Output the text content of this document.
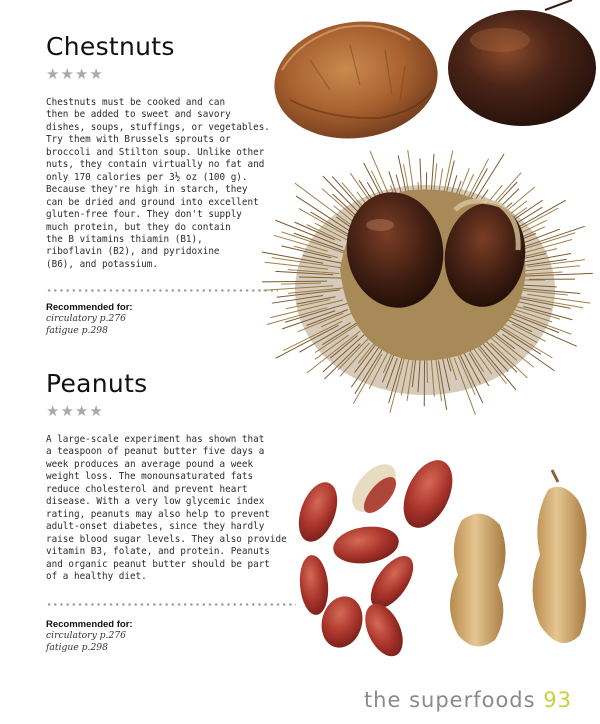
Chestnuts
★★★★
Chestnuts must be cooked and can
then be added to sweet and savory
dishes, soups, stuffings, or vegetables.
Try them with Brussels sprouts or
broccoli and Stilton soup. Unlike other
nuts, they contain virtually no fat and
only 170 calories per 3½ oz (100 g).
Because they're high in starch, they
can be dried and ground into excellent
gluten-free four. They don't supply
much protein, but they do contain
the B vitamins thiamin (B1),
riboflavin (B2), and pyridoxine
(B6), and potassium.
Recommended for:
circulatory p.276
fatigue p.298
Peanuts
★★★★
A large-scale experiment has shown that
a teaspoon of peanut butter five days a
week produces an average pound a week
weight loss. The monounsaturated fats
reduce cholesterol and prevent heart
disease. With a very low glycemic index
rating, peanuts may also help to prevent
adult-onset diabetes, since they hardly
raise blood sugar levels. They also provide
vitamin B3, folate, and protein. Peanuts
and organic peanut butter should be part
of a healthy diet.
Recommended for:
circulatory p.276
fatigue p.298
the superfoods 93
